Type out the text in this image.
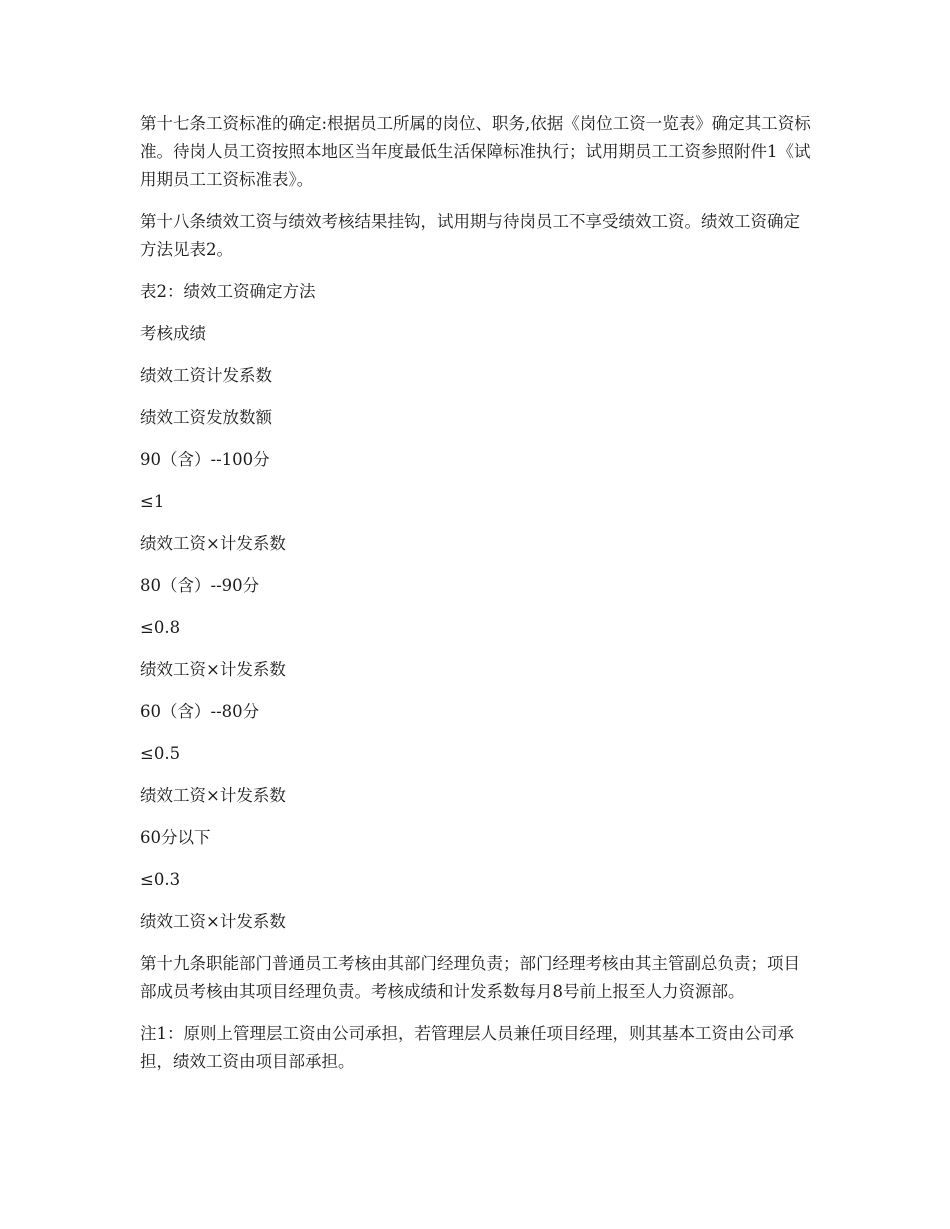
第十七条工资标准的确定:根据员工所属的岗位、职务,依据《岗位工资一览表》确定其工资标准。待岗人员工资按照本地区当年度最低生活保障标准执行；试用期员工工资参照附件1《试用期员工工资标准表》。

第十八条绩效工资与绩效考核结果挂钩，试用期与待岗员工不享受绩效工资。绩效工资确定方法见表2。

表2：绩效工资确定方法

考核成绩

绩效工资计发系数

绩效工资发放数额

90（含）--100分

≤1

绩效工资×计发系数

80（含）--90分

≤0.8

绩效工资×计发系数

60（含）--80分

≤0.5

绩效工资×计发系数

60分以下

≤0.3

绩效工资×计发系数

第十九条职能部门普通员工考核由其部门经理负责；部门经理考核由其主管副总负责；项目部成员考核由其项目经理负责。考核成绩和计发系数每月8号前上报至人力资源部。

注1：原则上管理层工资由公司承担，若管理层人员兼任项目经理，则其基本工资由公司承担，绩效工资由项目部承担。
